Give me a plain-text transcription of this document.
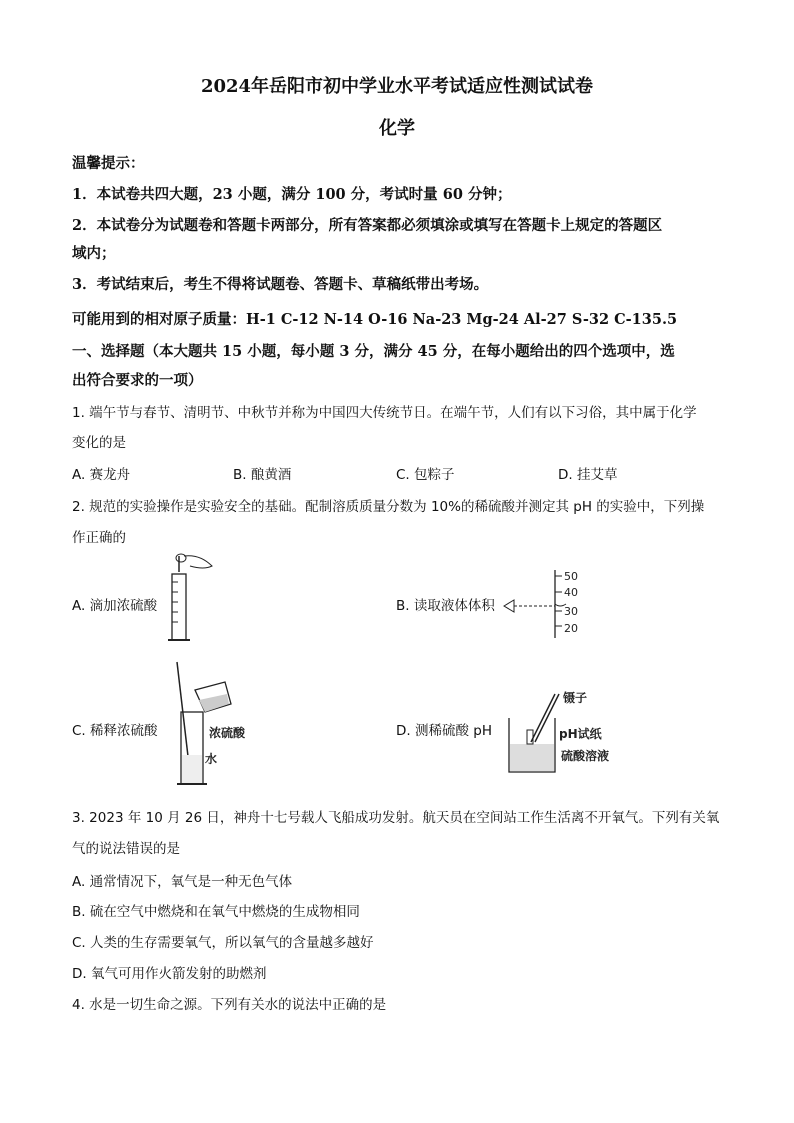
2024年岳阳市初中学业水平考试适应性测试试卷
化学
温馨提示：
1．本试卷共四大题，23 小题，满分 100 分，考试时量 60 分钟；
2．本试卷分为试题卷和答题卡两部分，所有答案都必须填涂或填写在答题卡上规定的答题区
域内；
3．考试结束后，考生不得将试题卷、答题卡、草稿纸带出考场。
可能用到的相对原子质量：H-1 C-12 N-14 O-16 Na-23 Mg-24 Al-27 S-32 C-135.5
一、选择题（本大题共 15 小题，每小题 3 分，满分 45 分，在每小题给出的四个选项中，选
出符合要求的一项）
1. 端午节与春节、清明节、中秋节并称为中国四大传统节日。在端午节，人们有以下习俗，其中属于化学
变化的是
A. 赛龙舟	B. 酿黄酒	C. 包粽子	D. 挂艾草
2. 规范的实验操作是实验安全的基础。配制溶质质量分数为 10%的稀硫酸并测定其 pH 的实验中，下列操
作正确的
A. 滴加浓硫酸	B. 读取液体体积
50
40
30
20
C. 稀释浓硫酸	浓硫酸
水
D. 测稀硫酸 pH
镊子
pH试纸
硫酸溶液
3. 2023 年 10 月 26 日，神舟十七号载人飞船成功发射。航天员在空间站工作生活离不开氧气。下列有关氧
气的说法错误的是
A. 通常情况下，氧气是一种无色气体
B. 硫在空气中燃烧和在氧气中燃烧的生成物相同
C. 人类的生存需要氧气，所以氧气的含量越多越好
D. 氧气可用作火箭发射的助燃剂
4. 水是一切生命之源。下列有关水的说法中正确的是
